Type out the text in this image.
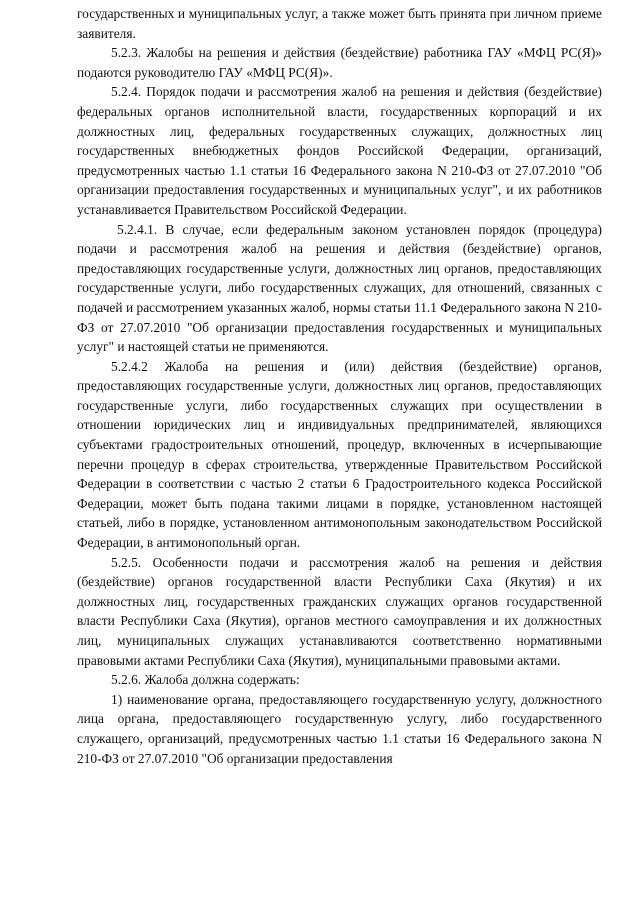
государственных и муниципальных услуг, а также может быть принята при личном приеме заявителя.

5.2.3. Жалобы на решения и действия (бездействие) работника ГАУ «МФЦ РС(Я)» подаются руководителю ГАУ «МФЦ РС(Я)».

5.2.4. Порядок подачи и рассмотрения жалоб на решения и действия (бездействие) федеральных органов исполнительной власти, государственных корпораций и их должностных лиц, федеральных государственных служащих, должностных лиц государственных внебюджетных фондов Российской Федерации, организаций, предусмотренных частью 1.1 статьи 16 Федерального закона N 210-ФЗ от 27.07.2010 "Об организации предоставления государственных и муниципальных услуг", и их работников устанавливается Правительством Российской Федерации.

5.2.4.1. В случае, если федеральным законом установлен порядок (процедура) подачи и рассмотрения жалоб на решения и действия (бездействие) органов, предоставляющих государственные услуги, должностных лиц органов, предоставляющих государственные услуги, либо государственных служащих, для отношений, связанных с подачей и рассмотрением указанных жалоб, нормы статьи 11.1 Федерального закона N 210-ФЗ от 27.07.2010 "Об организации предоставления государственных и муниципальных услуг" и настоящей статьи не применяются.

5.2.4.2 Жалоба на решения и (или) действия (бездействие) органов, предоставляющих государственные услуги, должностных лиц органов, предоставляющих государственные услуги, либо государственных служащих при осуществлении в отношении юридических лиц и индивидуальных предпринимателей, являющихся субъектами градостроительных отношений, процедур, включенных в исчерпывающие перечни процедур в сферах строительства, утвержденные Правительством Российской Федерации в соответствии с частью 2 статьи 6 Градостроительного кодекса Российской Федерации, может быть подана такими лицами в порядке, установленном настоящей статьей, либо в порядке, установленном антимонопольным законодательством Российской Федерации, в антимонопольный орган.

5.2.5. Особенности подачи и рассмотрения жалоб на решения и действия (бездействие) органов государственной власти Республики Саха (Якутия) и их должностных лиц, государственных гражданских служащих органов государственной власти Республики Саха (Якутия), органов местного самоуправления и их должностных лиц, муниципальных служащих устанавливаются соответственно нормативными правовыми актами Республики Саха (Якутия), муниципальными правовыми актами.

5.2.6. Жалоба должна содержать:

1) наименование органа, предоставляющего государственную услугу, должностного лица органа, предоставляющего государственную услугу, либо государственного служащего, организаций, предусмотренных частью 1.1 статьи 16 Федерального закона N 210-ФЗ от 27.07.2010 "Об организации предоставления
